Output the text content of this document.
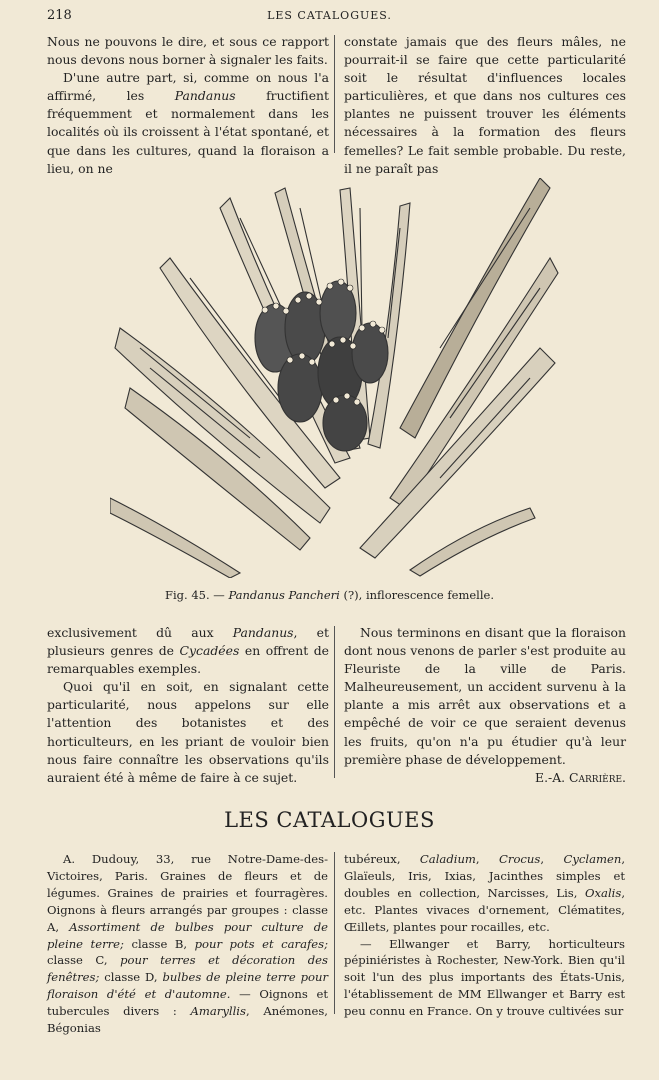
218	LES CATALOGUES.

Nous ne pouvons le dire, et sous ce rapport nous devons nous borner à signaler les faits.

D'une autre part, si, comme on nous l'a affirmé, les Pandanus fructifient fréquemment et normalement dans les localités où ils croissent à l'état spontané, et que dans les cultures, quand la floraison a lieu, on ne

constate jamais que des fleurs mâles, ne pourrait-il se faire que cette particularité soit le résultat d'influences locales particulières, et que dans nos cultures ces plantes ne puissent trouver les éléments nécessaires à la formation des fleurs femelles? Le fait semble probable. Du reste, il ne paraît pas

Fig. 45. — Pandanus Pancheri (?), inflorescence femelle.

exclusivement dû aux Pandanus, et plusieurs genres de Cycadées en offrent de remarquables exemples.

Quoi qu'il en soit, en signalant cette particularité, nous appelons sur elle l'attention des botanistes et des horticulteurs, en les priant de vouloir bien nous faire connaître les observations qu'ils auraient été à même de faire à ce sujet.

Nous terminons en disant que la floraison dont nous venons de parler s'est produite au Fleuriste de la ville de Paris. Malheureusement, un accident survenu à la plante a mis arrêt aux observations et a empêché de voir ce que seraient devenus les fruits, qu'on n'a pu étudier qu'à leur première phase de développement.

E.-A. Carrière.

LES CATALOGUES

A. Dudouy, 33, rue Notre-Dame-des-Victoires, Paris. Graines de fleurs et de légumes. Graines de prairies et fourragères. Oignons à fleurs arrangés par groupes : classe A, Assortiment de bulbes pour culture de pleine terre; classe B, pour pots et carafes; classe C, pour terres et décoration des fenêtres; classe D, bulbes de pleine terre pour floraison d'été et d'automne. — Oignons et tubercules divers : Amaryllis, Anémones, Bégonias

tubéreux, Caladium, Crocus, Cyclamen, Glaïeuls, Iris, Ixias, Jacinthes simples et doubles en collection, Narcisses, Lis, Oxalis, etc. Plantes vivaces d'ornement, Clématites, Œillets, plantes pour rocailles, etc.

— Ellwanger et Barry, horticulteurs pépiniéristes à Rochester, New-York. Bien qu'il soit l'un des plus importants des États-Unis, l'établissement de MM Ellwanger et Barry est peu connu en France. On y trouve cultivées sur
